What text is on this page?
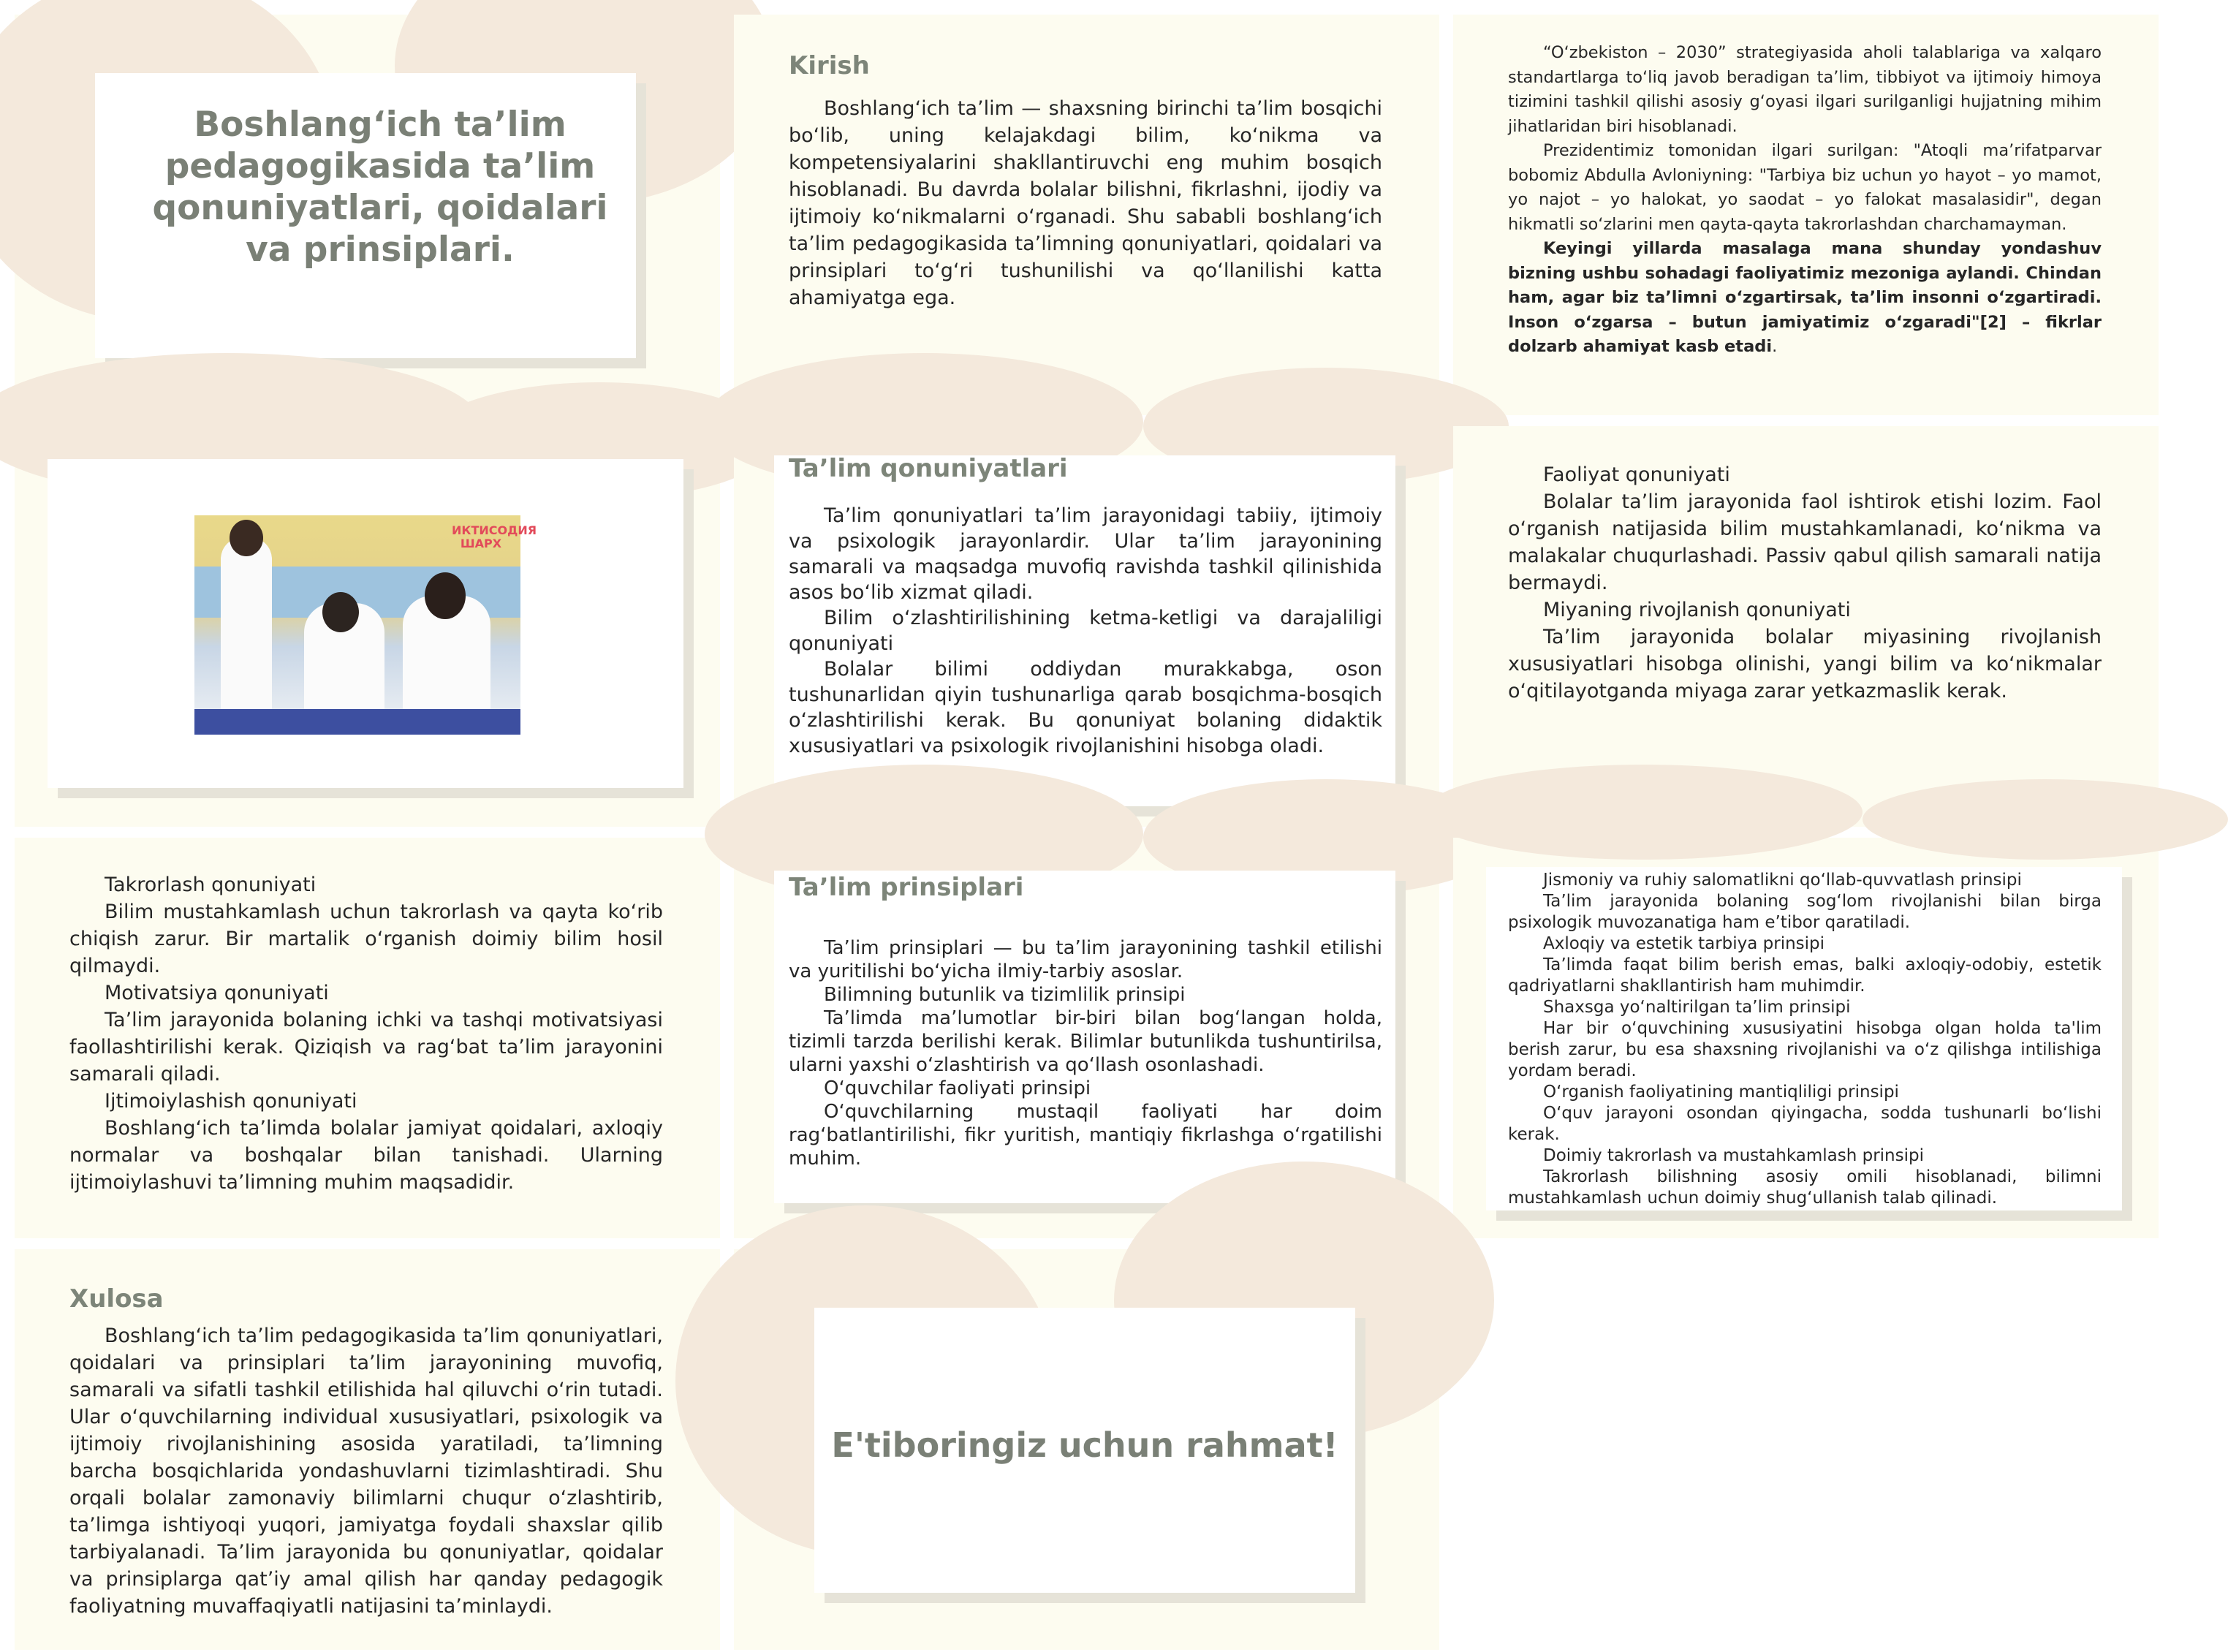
Boshlang‘ich ta’lim pedagogikasida ta’lim qonuniyatlari, qoidalari va prinsiplari.
Kirish

Boshlang‘ich ta’lim — shaxsning birinchi ta’lim bosqichi bo‘lib, uning kelajakdagi bilim, ko‘nikma va kompetensiyalarini shakllantiruvchi eng muhim bosqich hisoblanadi. Bu davrda bolalar bilishni, fikrlashni, ijodiy va ijtimoiy ko‘nikmalarni o‘rganadi. Shu sababli boshlang‘ich ta’lim pedagogikasida ta’limning qonuniyatlari, qoidalari va prinsiplari to‘g‘ri tushunilishi va qo‘llanilishi katta ahamiyatga ega.

“O‘zbekiston – 2030” strategiyasida aholi talablariga va xalqaro standartlarga to‘liq javob beradigan ta’lim, tibbiyot va ijtimoiy himoya tizimini tashkil qilishi asosiy g‘oyasi ilgari surilganligi hujjatning mihim jihatlaridan biri hisoblanadi.

Prezidentimiz tomonidan ilgari surilgan: "Atoqli ma’rifatparvar bobomiz Abdulla Avloniyning: "Tarbiya biz uchun yo hayot – yo mamot, yo najot – yo halokat, yo saodat – yo falokat masalasidir", degan hikmatli so‘zlarini men qayta-qayta takrorlashdan charchamayman.

Keyingi yillarda masalaga mana shunday yondashuv bizning ushbu sohadagi faoliyatimiz mezoniga aylandi. Chindan ham, agar biz ta’limni o‘zgartirsak, ta’lim insonni o‘zgartiradi. Inson o‘zgarsa – butun jamiyatimiz o‘zgaradi"[2] – fikrlar dolzarb ahamiyat kasb etadi.

ИКТИСОДИЯ ШАРХ
Ta’lim qonuniyatlari

Ta’lim qonuniyatlari ta’lim jarayonidagi tabiiy, ijtimoiy va psixologik jarayonlardir. Ular ta’lim jarayonining samarali va maqsadga muvofiq ravishda tashkil qilinishida asos bo‘lib xizmat qiladi.

Bilim o‘zlashtirilishining ketma-ketligi va darajaliligi qonuniyati

Bolalar bilimi oddiydan murakkabga, oson tushunarlidan qiyin tushunarliga qarab bosqichma-bosqich o‘zlashtirilishi kerak. Bu qonuniyat bolaning didaktik xususiyatlari va psixologik rivojlanishini hisobga oladi.

Faoliyat qonuniyati

Bolalar ta’lim jarayonida faol ishtirok etishi lozim. Faol o‘rganish natijasida bilim mustahkamlanadi, ko‘nikma va malakalar chuqurlashadi. Passiv qabul qilish samarali natija bermaydi.

Miyaning rivojlanish qonuniyati

Ta’lim jarayonida bolalar miyasining rivojlanish xususiyatlari hisobga olinishi, yangi bilim va ko‘nikmalar o‘qitilayotganda miyaga zarar yetkazmaslik kerak.

Takrorlash qonuniyati

Bilim mustahkamlash uchun takrorlash va qayta ko‘rib chiqish zarur. Bir martalik o‘rganish doimiy bilim hosil qilmaydi.

Motivatsiya qonuniyati

Ta’lim jarayonida bolaning ichki va tashqi motivatsiyasi faollashtirilishi kerak. Qiziqish va rag‘bat ta’lim jarayonini samarali qiladi.

Ijtimoiylashish qonuniyati

Boshlang‘ich ta’limda bolalar jamiyat qoidalari, axloqiy normalar va boshqalar bilan tanishadi. Ularning ijtimoiylashuvi ta’limning muhim maqsadidir.

Ta’lim prinsiplari

Ta’lim prinsiplari — bu ta’lim jarayonining tashkil etilishi va yuritilishi bo‘yicha ilmiy-tarbiy asoslar.

Bilimning butunlik va tizimlilik prinsipi

Ta’limda ma’lumotlar bir-biri bilan bog‘langan holda, tizimli tarzda berilishi kerak. Bilimlar butunlikda tushuntirilsa, ularni yaxshi o‘zlashtirish va qo‘llash osonlashadi.

O‘quvchilar faoliyati prinsipi

O‘quvchilarning mustaqil faoliyati har doim rag‘batlantirilishi, fikr yuritish, mantiqiy fikrlashga o‘rgatilishi muhim.

Jismoniy va ruhiy salomatlikni qo‘llab-quvvatlash prinsipi

Ta’lim jarayonida bolaning sog‘lom rivojlanishi bilan birga psixologik muvozanatiga ham e’tibor qaratiladi.

Axloqiy va estetik tarbiya prinsipi

Ta’limda faqat bilim berish emas, balki axloqiy-odobiy, estetik qadriyatlarni shakllantirish ham muhimdir.

Shaxsga yo‘naltirilgan ta’lim prinsipi

Har bir o‘quvchining xususiyatini hisobga olgan holda ta'lim berish zarur, bu esa shaxsning rivojlanishi va o‘z qilishga intilishiga yordam beradi.

O‘rganish faoliyatining mantiqliligi prinsipi

O‘quv jarayoni osondan qiyingacha, sodda tushunarli bo‘lishi kerak.

Doimiy takrorlash va mustahkamlash prinsipi

Takrorlash bilishning asosiy omili hisoblanadi, bilimni mustahkamlash uchun doimiy shug‘ullanish talab qilinadi.

Xulosa

Boshlang‘ich ta’lim pedagogikasida ta’lim qonuniyatlari, qoidalari va prinsiplari ta’lim jarayonining muvofiq, samarali va sifatli tashkil etilishida hal qiluvchi o‘rin tutadi. Ular o‘quvchilarning individual xususiyatlari, psixologik va ijtimoiy rivojlanishining asosida yaratiladi, ta’limning barcha bosqichlarida yondashuvlarni tizimlashtiradi. Shu orqali bolalar zamonaviy bilimlarni chuqur o‘zlashtirib, ta’limga ishtiyoqi yuqori, jamiyatga foydali shaxslar qilib tarbiyalanadi. Ta’lim jarayonida bu qonuniyatlar, qoidalar va prinsiplarga qat’iy amal qilish har qanday pedagogik faoliyatning muvaffaqiyatli natijasini ta’minlaydi.

E'tiboringiz uchun rahmat!
